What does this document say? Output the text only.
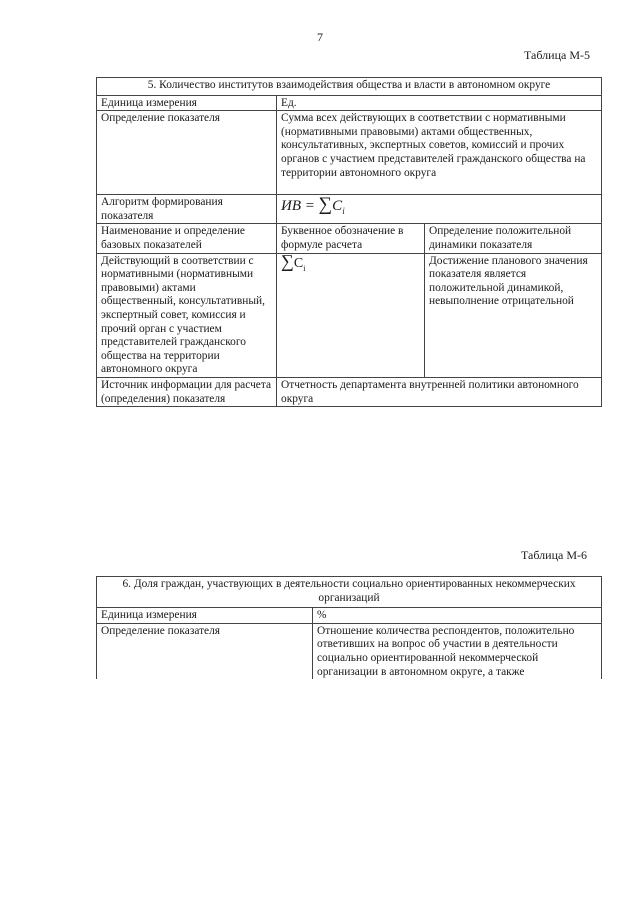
7
Таблица М-5
5. Количество институтов взаимодействия общества и власти в автономном округе		
Единица измерения	Ед.	
Определение показателя	Сумма всех действующих в соответствии с нормативными (нормативными правовыми) актами общественных, консультативных, экспертных советов, комиссий и прочих органов с участием представителей гражданского общества на территории автономного округа	
Алгоритм формирования показателя	ИВ = $\sum C_i$
Наименование и определение базовых показателей	Буквенное обозначение в формуле расчета	Определение положительной динамики показателя
Действующий в соответствии с нормативными (нормативными правовыми) актами общественный, консультативный, экспертный совет, комиссия и прочий орган с участием представителей гражданского общества на территории автономного округа	$\sum C_i$	Достижение планового значения показателя является положительной динамикой, невыполнение отрицательной
Источник информации для расчета (определения) показателя	Отчетность департамента внутренней политики автономного округа	
Таблица М-6
6. Доля граждан, участвующих в деятельности социально ориентированных некоммерческих организаций	
Единица измерения	%
Определение показателя	Отношение количества респондентов, положительно ответивших на вопрос об участии в деятельности социально ориентированной некоммерческой организации в автономном округе, а также
